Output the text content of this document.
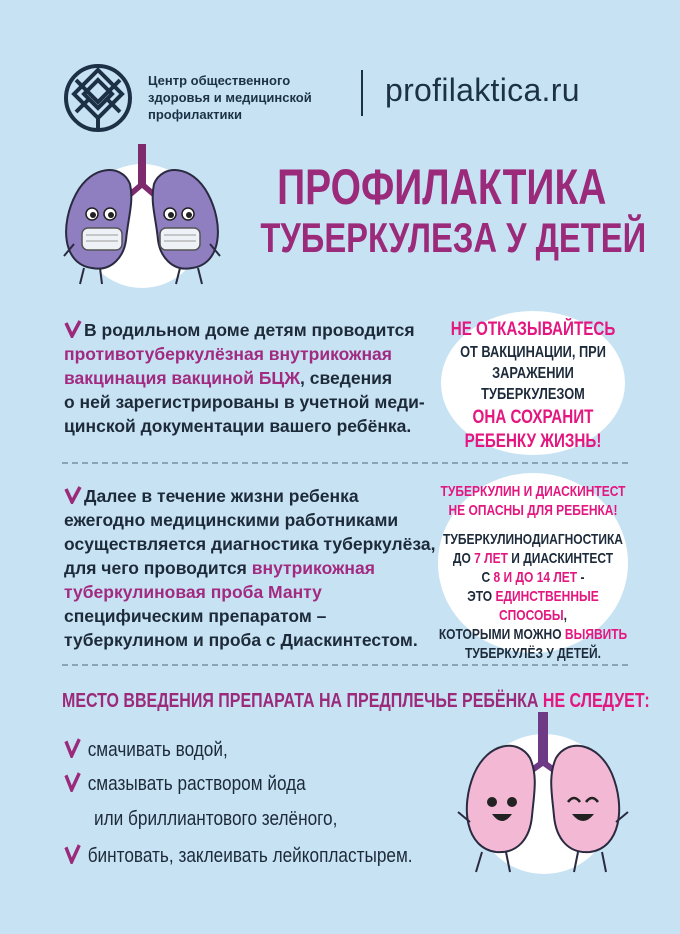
Центр общественного
здоровья и медицинской
профилактики
profilaktica.ru
ПРОФИЛАКТИКА
ТУБЕРКУЛЕЗА У ДЕТЕЙ
В родильном доме детям проводится
противотуберкулёзная внутрикожная
вакцинация вакциной БЦЖ, сведения
о ней зарегистрированы в учетной меди-
цинской документации вашего ребёнка.
НЕ ОТКАЗЫВАЙТЕСЬ
ОТ ВАКЦИНАЦИИ, ПРИ
ЗАРАЖЕНИИ ТУБЕРКУЛЕЗОМ
ОНА СОХРАНИТ
РЕБЕНКУ ЖИЗНЬ!
Далее в течение жизни ребенка
ежегодно медицинскими работниками
осуществляется диагностика туберкулёза,
для чего проводится внутрикожная
туберкулиновая проба Манту
специфическим препаратом –
туберкулином и проба с Диаскинтестом.
ТУБЕРКУЛИН И ДИАСКИНТЕСТ
НЕ ОПАСНЫ ДЛЯ РЕБЕНКА!
ТУБЕРКУЛИНОДИАГНОСТИКА
ДО 7 ЛЕТ И ДИАСКИНТЕСТ
С 8 И ДО 14 ЛЕТ -
ЭТО ЕДИНСТВЕННЫЕ СПОСОБЫ,
КОТОРЫМИ МОЖНО ВЫЯВИТЬ
ТУБЕРКУЛЁЗ У ДЕТЕЙ.
МЕСТО ВВЕДЕНИЯ ПРЕПАРАТА НА ПРЕДПЛЕЧЬЕ РЕБЁНКА НЕ СЛЕДУЕТ:
смачивать водой,
смазывать раствором йода
или бриллиантового зелёного,
бинтовать, заклеивать лейкопластырем.
